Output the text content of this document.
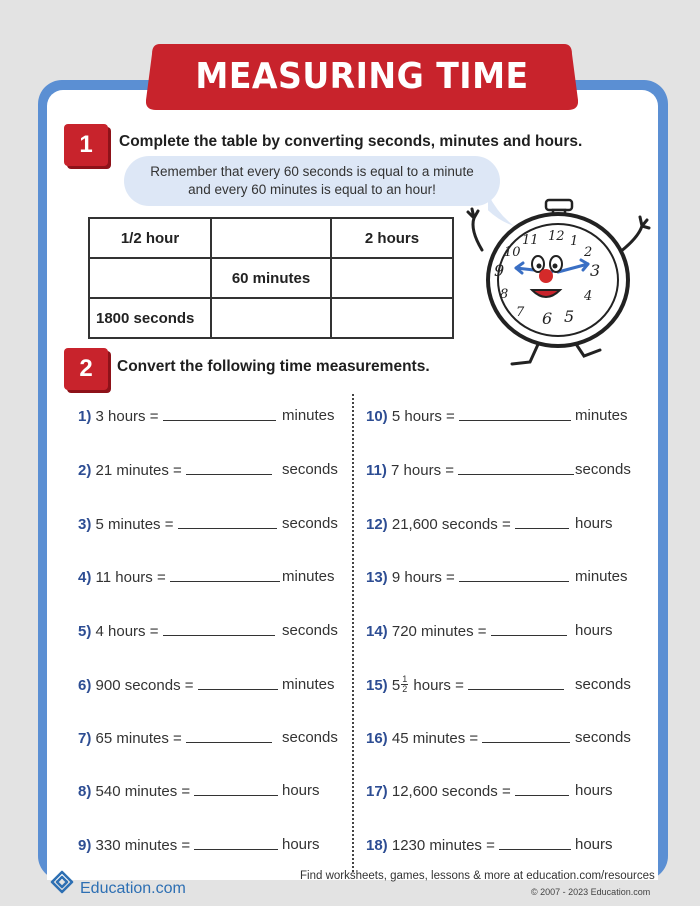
MEASURING TIME
1	Complete the table by converting seconds, minutes and hours.
Remember that every 60 seconds is equal to a minute
and every 60 minutes is equal to an hour!
1/2 hour		2 hours
	60 minutes	
1800 seconds		
12 1
2
3
4
5
6
7
8
9
10
11
2	Convert the following time measurements.
1) 3 hours =	minutes
2) 21 minutes =	seconds
3) 5 minutes =	seconds
4) 11 hours =	minutes
5) 4 hours =	seconds
6) 900 seconds =	minutes
7) 65 minutes =	seconds
8) 540 minutes =	hours
9) 330 minutes =	hours
10) 5 hours =	minutes
11) 7 hours =	seconds
12) 21,600 seconds =	hours
13) 9 hours =	minutes
14) 720 minutes =	hours
15) $5 \frac{1}{2}$ hours =	seconds
16) 45 minutes =	seconds
17) 12,600 seconds =	hours
18) 1230 minutes =	hours
Education.com
Find worksheets, games, lessons & more at education.com/resources
© 2007 - 2023 Education.com
